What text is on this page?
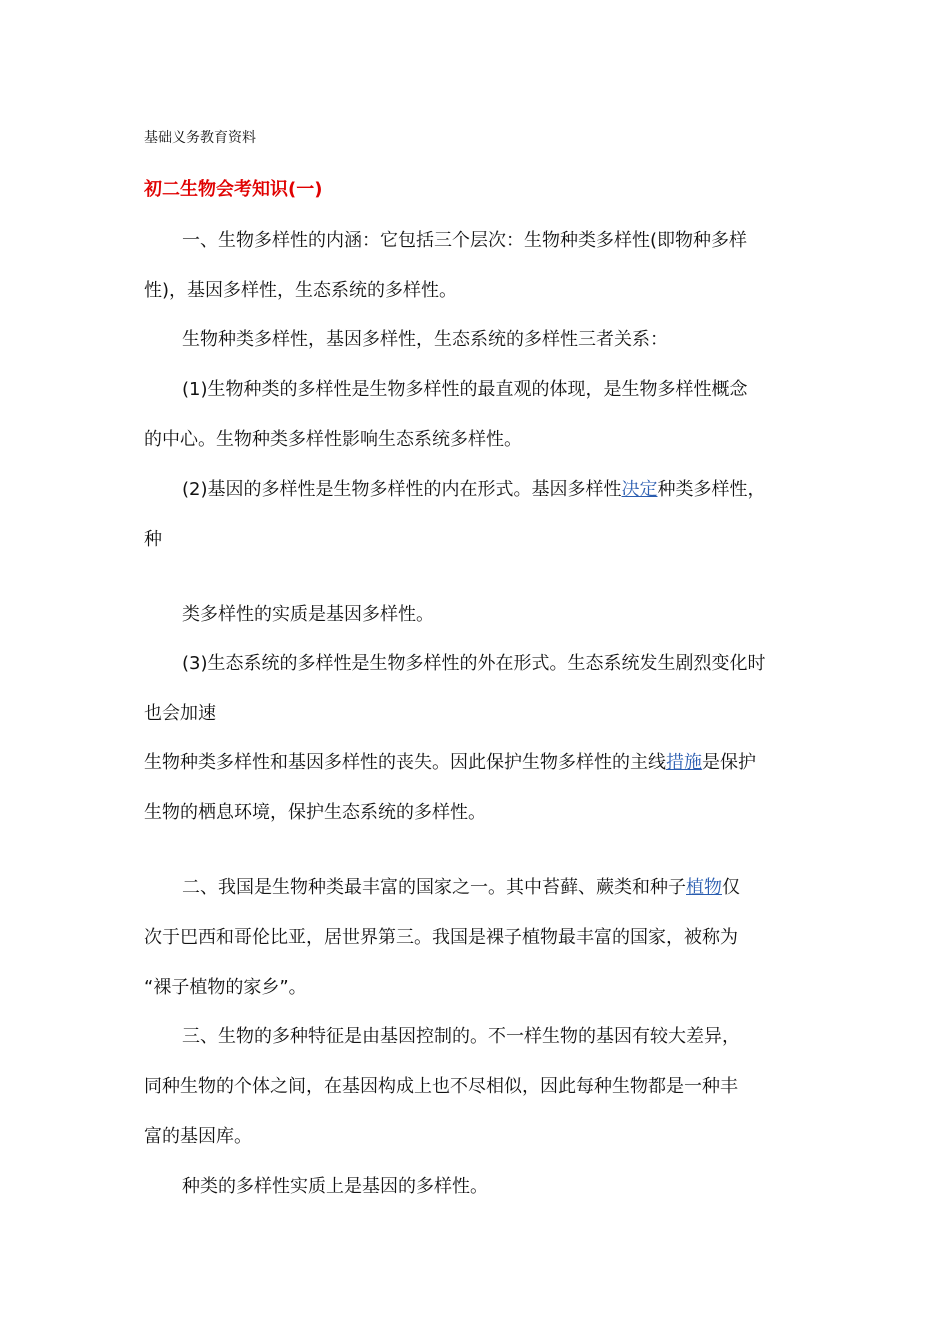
基础义务教育资料
初二生物会考知识(一)
一、生物多样性的内涵：它包括三个层次：生物种类多样性(即物种多样
性)，基因多样性，生态系统的多样性。
生物种类多样性，基因多样性，生态系统的多样性三者关系：
(1)生物种类的多样性是生物多样性的最直观的体现，是生物多样性概念
的中心。生物种类多样性影响生态系统多样性。
(2)基因的多样性是生物多样性的内在形式。基因多样性决定种类多样性，
种
类多样性的实质是基因多样性。
(3)生态系统的多样性是生物多样性的外在形式。生态系统发生剧烈变化时
也会加速
生物种类多样性和基因多样性的丧失。因此保护生物多样性的主线措施是保护
生物的栖息环境，保护生态系统的多样性。
二、我国是生物种类最丰富的国家之一。其中苔藓、蕨类和种子植物仅
次于巴西和哥伦比亚，居世界第三。我国是裸子植物最丰富的国家，被称为
“裸子植物的家乡”。
三、生物的多种特征是由基因控制的。不一样生物的基因有较大差异，
同种生物的个体之间，在基因构成上也不尽相似，因此每种生物都是一种丰
富的基因库。
种类的多样性实质上是基因的多样性。
